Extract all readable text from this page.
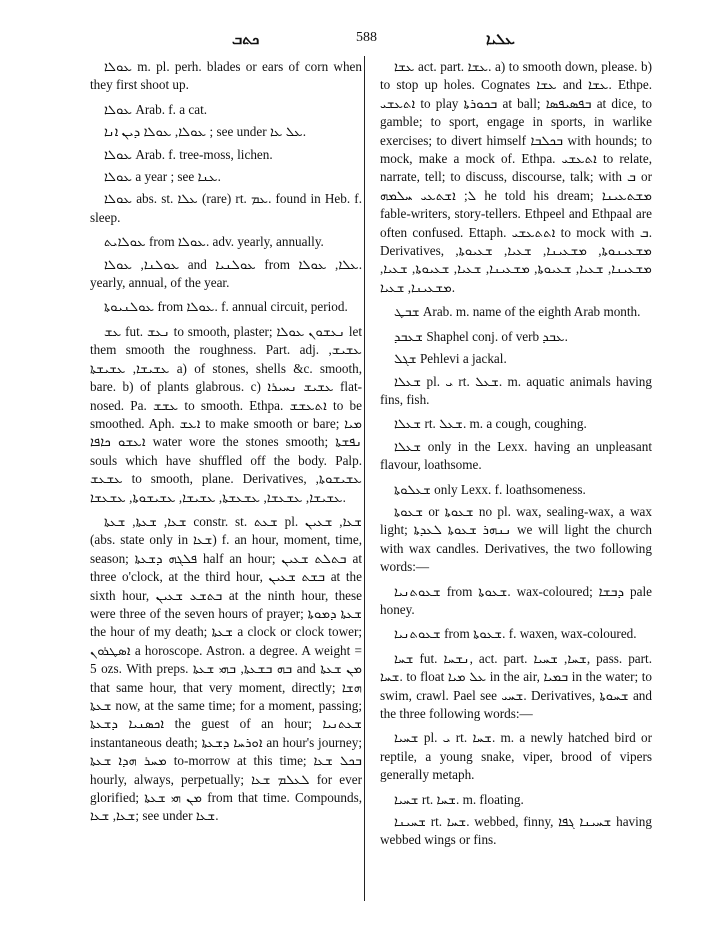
ܟܬܒ	588	ܥܠܝܐ

ܥܘܠܐ m. pl. perh. blades or ears of corn when they first shoot up.

ܥܘܠܐ Arab. f. a cat.

ܥܘܠܐ, ܥܘܠܐ ܕܝܢ ܐܢܐ ; see under ܥܠ ܥܐ.

ܥܘܠܐ Arab. f. tree-moss, lichen.

ܥܘܠܐ a year ; see ܥܢܐ.

ܥܘܠܐ abs. st. ܥܠܐ (rare) rt. ܥܡ. found in Heb. f. sleep.

ܥܘܠܐܝܬ from ܥܘܠܐ. adv. yearly, annually.

ܥܘܠܢܐ, ܥܘܠܐ and ܥܘܠܢܝܐ from ܥܠܐ, ܥܘܠܐ. yearly, annual, of the year.

ܥܘܠܢܝܘܬܐ from ܥܘܠܐ. f. annual circuit, period.

ܥܫ fut. ܢܥܫ to smooth, plaster; ܢܥܫܘܢ ܥܘܠܐ let them smooth the roughness. Part. adj. ܥܫܝܫ, ܥܫܝܫܐ, ܥܫܝܫܬܐ a) of stones, shells &c. smooth, bare. b) of plants glabrous. c) ܥܫܝܫ ܢܚܝܪܐ flat-nosed. Pa. ܥܫܫ to smooth. Ethpa. ܐܬܥܫܫ to be smoothed. Aph. ܐܥܫ to make smooth or bare; ܡܝܐ ܐܥܫܘ ܟܐܦܐ water wore the stones smooth; ܢܦܫܬܐ souls which have shuffled off the body. Palp. ܥܫܥܫ to smooth, plane. Derivatives, ܥܫܝܫܘܬܐ, ܥܫܝܫܐ, ܥܫܥܫܐ, ܥܫܥܫܬܐ, ܥܫܝܫܐ, ܥܫܝܫܘܬܐ, ܥܫܥܫܐ.

ܫܥܐ, ܫܥܬܐ, ܫܥܬܐ constr. st. ܫܥܬ pl. ܫܥܐ, ܫܥܝܢ (abs. state only in ܫܥܐ) f. an hour, moment, time, season; ܦܠܓܗ ܕܫܥܬܐ half an hour; ܒܬܠܬ ܫܥܝܢ at three o'clock, at the third hour, ܒܫܬ ܫܥܝܢ at the sixth hour, ܒܬܫܥ ܫܥܝܢ at the ninth hour, these were three of the seven hours of prayer; ܫܥܬܐ ܕܡܘܬܐ the hour of my death; ܫܥܬܐ a clock or clock tower; ܐܣܛܪܘܢ a horoscope. Astron. a degree. A weight = 5 ozs. With preps. ܒܗ ܒܫܥܬܐ, ܒܗܝ ܫܥܬܐ and ܡܢ ܫܥܬܐ that same hour, that very moment, directly; ܗܫܐ ܫܥܬܐ now, at the same time; for a moment, passing; ܐܟܣܢܝܐ ܕܫܥܬܐ the guest of an hour; ܫܥܬܢܝܐ instantaneous death; ܐܘܪܚܐ ܕܫܥܬܐ an hour's journey; ܡܚܪ ܗܕܐ ܫܥܬܐ to-morrow at this time; ܒܟܠ ܫܥܐ hourly, always, perpetually; ܠܥܠܡ ܫܥܐ for ever glorified; ܡܢ ܗܝ ܫܥܬܐ from that time. Compounds, ܫܥܐ, ܫܥܐ; see under ܫܥܐ.

ܥܫܐ act. part. ܥܫܐ. a) to smooth down, please. b) to stop up holes. Cognates ܥܫܐ and ܥܫܐ. Ethpe. ܐܬܥܫܝ to play ܒܟܘܪܬܐ at ball; ܒܦܣܝܦܣܐ at dice, to gamble; to sport, engage in sports, in warlike exercises; to divert himself ܒܟܠܒܐ with hounds; to mock, make a mock of. Ethpa. ܐܬܥܫܝ to relate, narrate, tell; to discuss, discourse, talk; with ܒ or ܠ; ܐܫܬܥܝ ܚܠܡܗ he told his dream; ܡܫܬܥܝܢܐ fable-writers, story-tellers. Ethpeel and Ethpaal are often confused. Ettaph. ܐܬܬܥܫܝ to mock with ܒ. Derivatives, ܡܫܥܝܢܘܬܐ, ܡܫܥܝܢܐ, ܫܥܝܐ, ܫܥܝܘܬܐ, ܡܫܥܝܢܐ, ܫܥܝܐ, ܫܥܝܘܬܐ, ܡܫܥܝܢܐ, ܫܥܝܐ, ܫܥܝܘܬܐ, ܫܥܝܐ, ܡܫܥܝܢܐ, ܫܥܝܐ.

ܫܒܛ Arab. m. name of the eighth Arab month.

ܫܥܒܕ Shaphel conj. of verb ܥܒܕ.

ܫܓܠ Pehlevi a jackal.

ܫܥܠܐ pl. ܝ rt. ܫܥܠ. m. aquatic animals having fins, fish.

ܫܥܠܐ rt. ܫܥܠ. m. a cough, coughing.

ܫܥܠܐ only in the Lexx. having an unpleasant flavour, loathsome.

ܫܥܠܘܬܐ only Lexx. f. loathsomeness.

ܫܥܘܬܐ or ܫܥܘܬܐ no pl. wax, sealing-wax, a wax light; ܢܢܗܪ ܫܥܘܬܐ ܠܥܕܬܐ we will light the church with wax candles. Derivatives, the two following words:—

ܫܥܘܬܢܝܐ from ܫܥܘܬܐ. wax-coloured; ܕܒܫܐ pale honey.

ܫܥܘܬܢܝܐ from ܫܥܘܬܐ. f. waxen, wax-coloured.

ܫܚܐ fut. ܢܫܚܐ, act. part. ܫܚܐ, ܫܚܝܐ, pass. part. ܫܚܐ. to float ܥܠ ܡܝܐ in the air, ܒܡܝܐ in the water; to swim, crawl. Pael see ܫܚܝ. Derivatives, ܫܚܘܬܐ and the three following words:—

ܫܚܝܐ pl. ܝ rt. ܫܚܐ. m. a newly hatched bird or reptile, a young snake, viper, brood of vipers generally metaph.

ܫܚܝܐ rt. ܫܚܐ. m. floating.

ܫܚܝܢܐ rt. ܫܚܐ. webbed, finny, ܫܚܝܢܐ ܓܦܐ having webbed wings or fins.
